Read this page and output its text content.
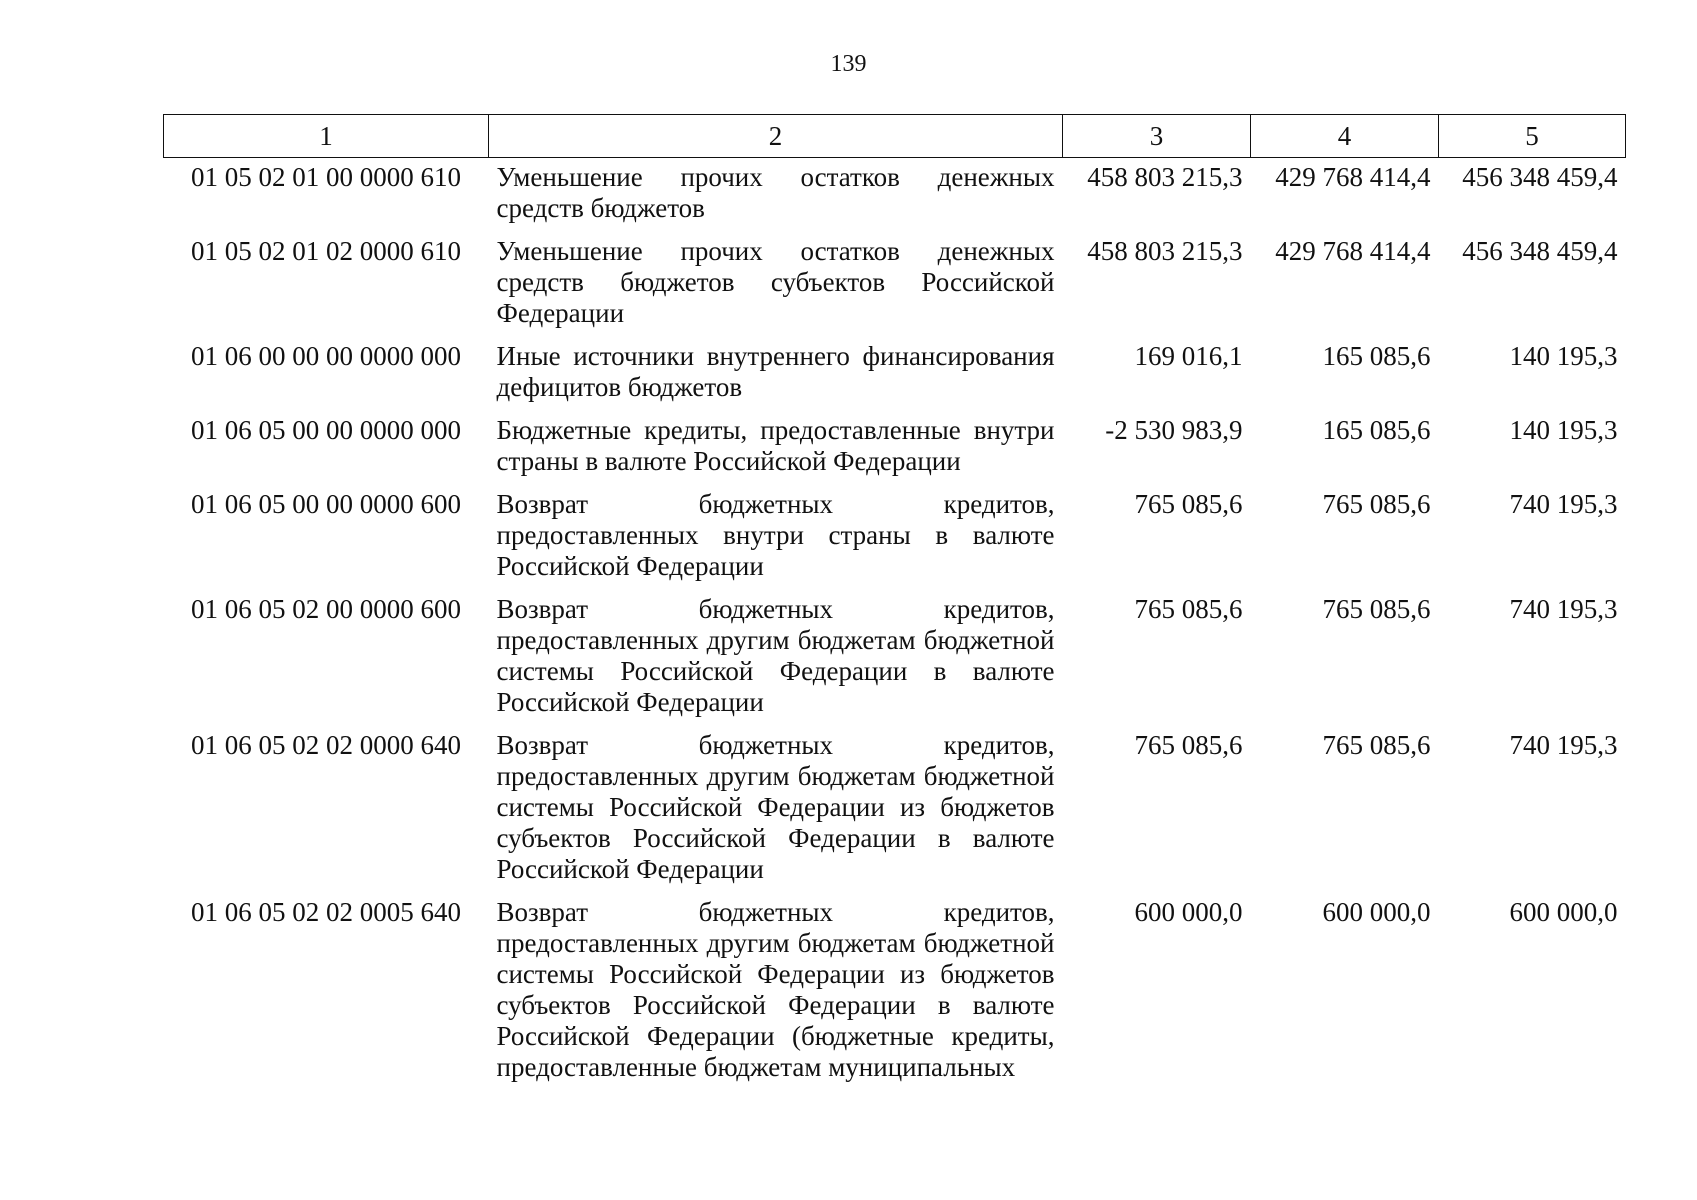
139
1	2	3	4	5
01 05 02 01 00 0000 610	Уменьшение прочих остатков денежных средств бюджетов	458 803 215,3	429 768 414,4	456 348 459,4
01 05 02 01 02 0000 610	Уменьшение прочих остатков денежных средств бюджетов субъектов Российской Федерации	458 803 215,3	429 768 414,4	456 348 459,4
01 06 00 00 00 0000 000	Иные источники внутреннего финансирования дефицитов бюджетов	169 016,1	165 085,6	140 195,3
01 06 05 00 00 0000 000	Бюджетные кредиты, предоставленные внутри страны в валюте Российской Федерации	-2 530 983,9	165 085,6	140 195,3
01 06 05 00 00 0000 600	Возврат бюджетных кредитов, предоставленных внутри страны в валюте Российской Федерации	765 085,6	765 085,6	740 195,3
01 06 05 02 00 0000 600	Возврат бюджетных кредитов, предоставленных другим бюджетам бюджетной системы Российской Федерации в валюте Российской Федерации	765 085,6	765 085,6	740 195,3
01 06 05 02 02 0000 640	Возврат бюджетных кредитов, предоставленных другим бюджетам бюджетной системы Российской Федерации из бюджетов субъектов Российской Федерации в валюте Российской Федерации	765 085,6	765 085,6	740 195,3
01 06 05 02 02 0005 640	Возврат бюджетных кредитов, предоставленных другим бюджетам бюджетной системы Российской Федерации из бюджетов субъектов Российской Федерации в валюте Российской Федерации (бюджетные кредиты, предоставленные бюджетам муниципальных	600 000,0	600 000,0	600 000,0
